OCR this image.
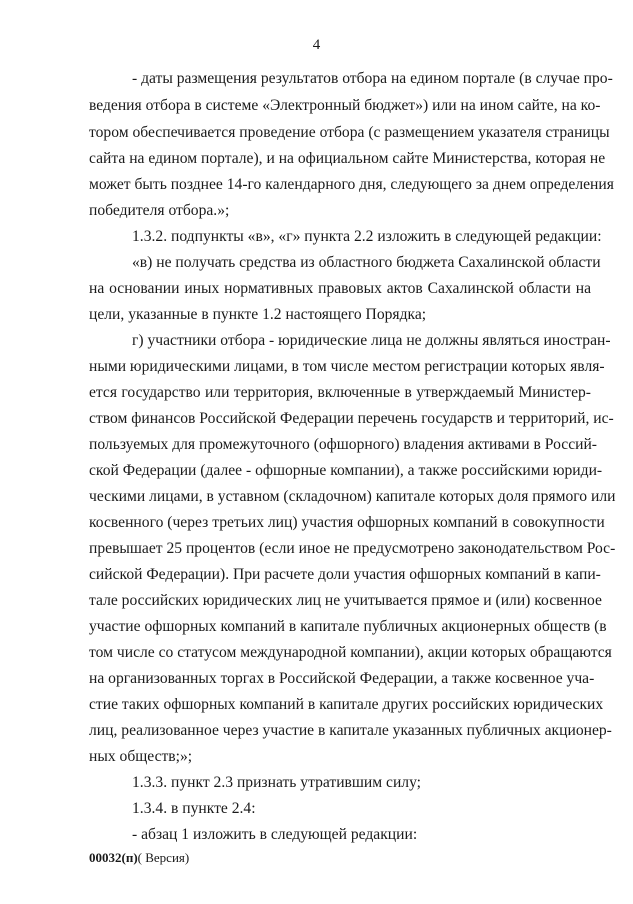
4
- даты размещения результатов отбора на едином портале (в случае про-
ведения отбора в системе «Электронный бюджет») или на ином сайте, на ко-
тором обеспечивается проведение отбора (с размещением указателя страницы
сайта на едином портале), и на официальном сайте Министерства, которая не
может быть позднее 14-го календарного дня, следующего за днем определения
победителя отбора.»;
1.3.2. подпункты «в», «г» пункта 2.2 изложить в следующей редакции:
«в) не получать средства из областного бюджета Сахалинской области
на основании иных нормативных правовых актов Сахалинской области на
цели, указанные в пункте 1.2 настоящего Порядка;
г) участники отбора - юридические лица не должны являться иностран-
ными юридическими лицами, в том числе местом регистрации которых явля-
ется государство или территория, включенные в утверждаемый Министер-
ством финансов Российской Федерации перечень государств и территорий, ис-
пользуемых для промежуточного (офшорного) владения активами в Россий-
ской Федерации (далее - офшорные компании), а также российскими юриди-
ческими лицами, в уставном (складочном) капитале которых доля прямого или
косвенного (через третьих лиц) участия офшорных компаний в совокупности
превышает 25 процентов (если иное не предусмотрено законодательством Рос-
сийской Федерации). При расчете доли участия офшорных компаний в капи-
тале российских юридических лиц не учитывается прямое и (или) косвенное
участие офшорных компаний в капитале публичных акционерных обществ (в
том числе со статусом международной компании), акции которых обращаются
на организованных торгах в Российской Федерации, а также косвенное уча-
стие таких офшорных компаний в капитале других российских юридических
лиц, реализованное через участие в капитале указанных публичных акционер-
ных обществ;»;
1.3.3. пункт 2.3 признать утратившим силу;
1.3.4. в пункте 2.4:
- абзац 1 изложить в следующей редакции:
00032(п)( Версия)
